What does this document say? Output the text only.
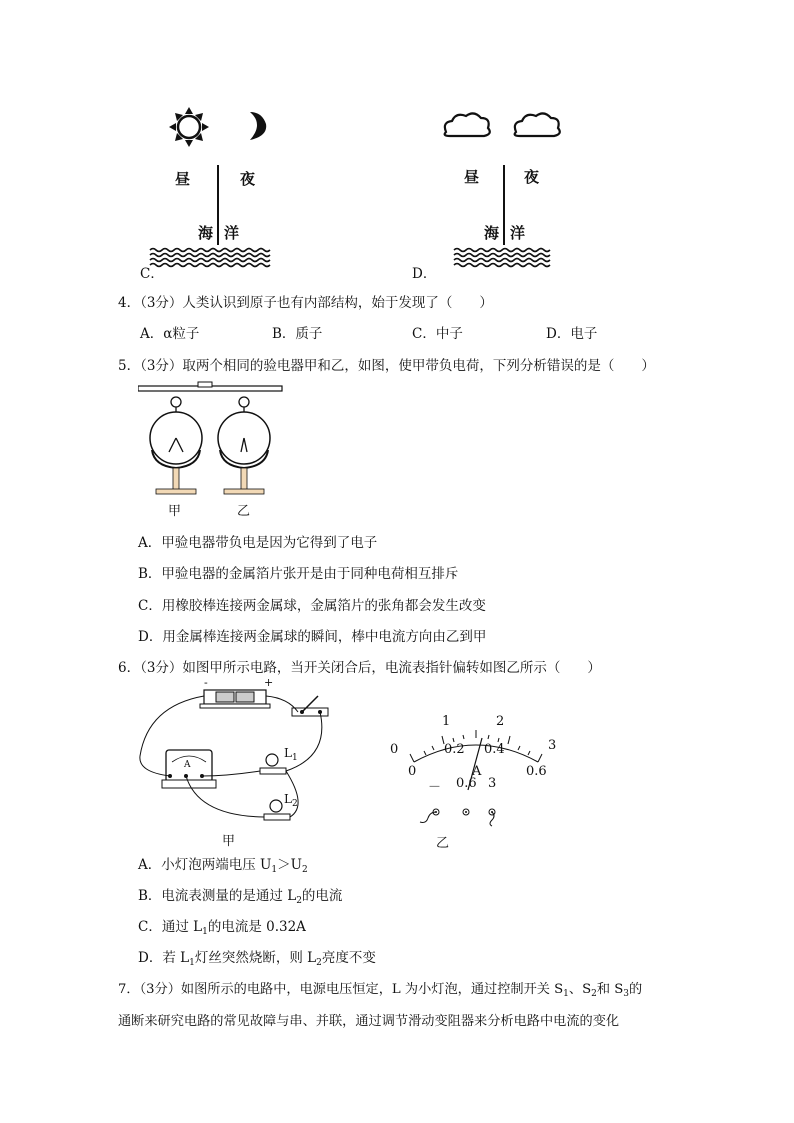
昼	夜
海 洋
C．
昼	夜
海 洋
D．
4．（3分）人类认识到原子也有内部结构，始于发现了（　　）
A．α粒子	B．质子	C．中子	D．电子
5．（3分）取两个相同的验电器甲和乙，如图，使甲带负电荷，下列分析错误的是（　　）
甲	乙
A．甲验电器带负电是因为它得到了电子
B．甲验电器的金属箔片张开是由于同种电荷相互排斥
C．用橡胶棒连接两金属球，金属箔片的张角都会发生改变
D．用金属棒连接两金属球的瞬间，棒中电流方向由乙到甲
6．（3分）如图甲所示电路，当开关闭合后，电流表指针偏转如图乙所示（　　）
-	+
A
$L_1$
$L_2$
甲
0
1	2
3
0
0.2 0.4
0.6
A
－ 0.6 3
乙
A．小灯泡两端电压 $U_1>U_2$
B．电流表测量的是通过 $L_2$的电流
C．通过 $L_1$的电流是 0.32A
D．若 $L_1$灯丝突然烧断，则 $L_2$亮度不变
7．（3分）如图所示的电路中，电源电压恒定，L 为小灯泡，通过控制开关 $S_1$、$S_2$和 $S_3$的
通断来研究电路的常见故障与串、并联，通过调节滑动变阻器来分析电路中电流的变化
